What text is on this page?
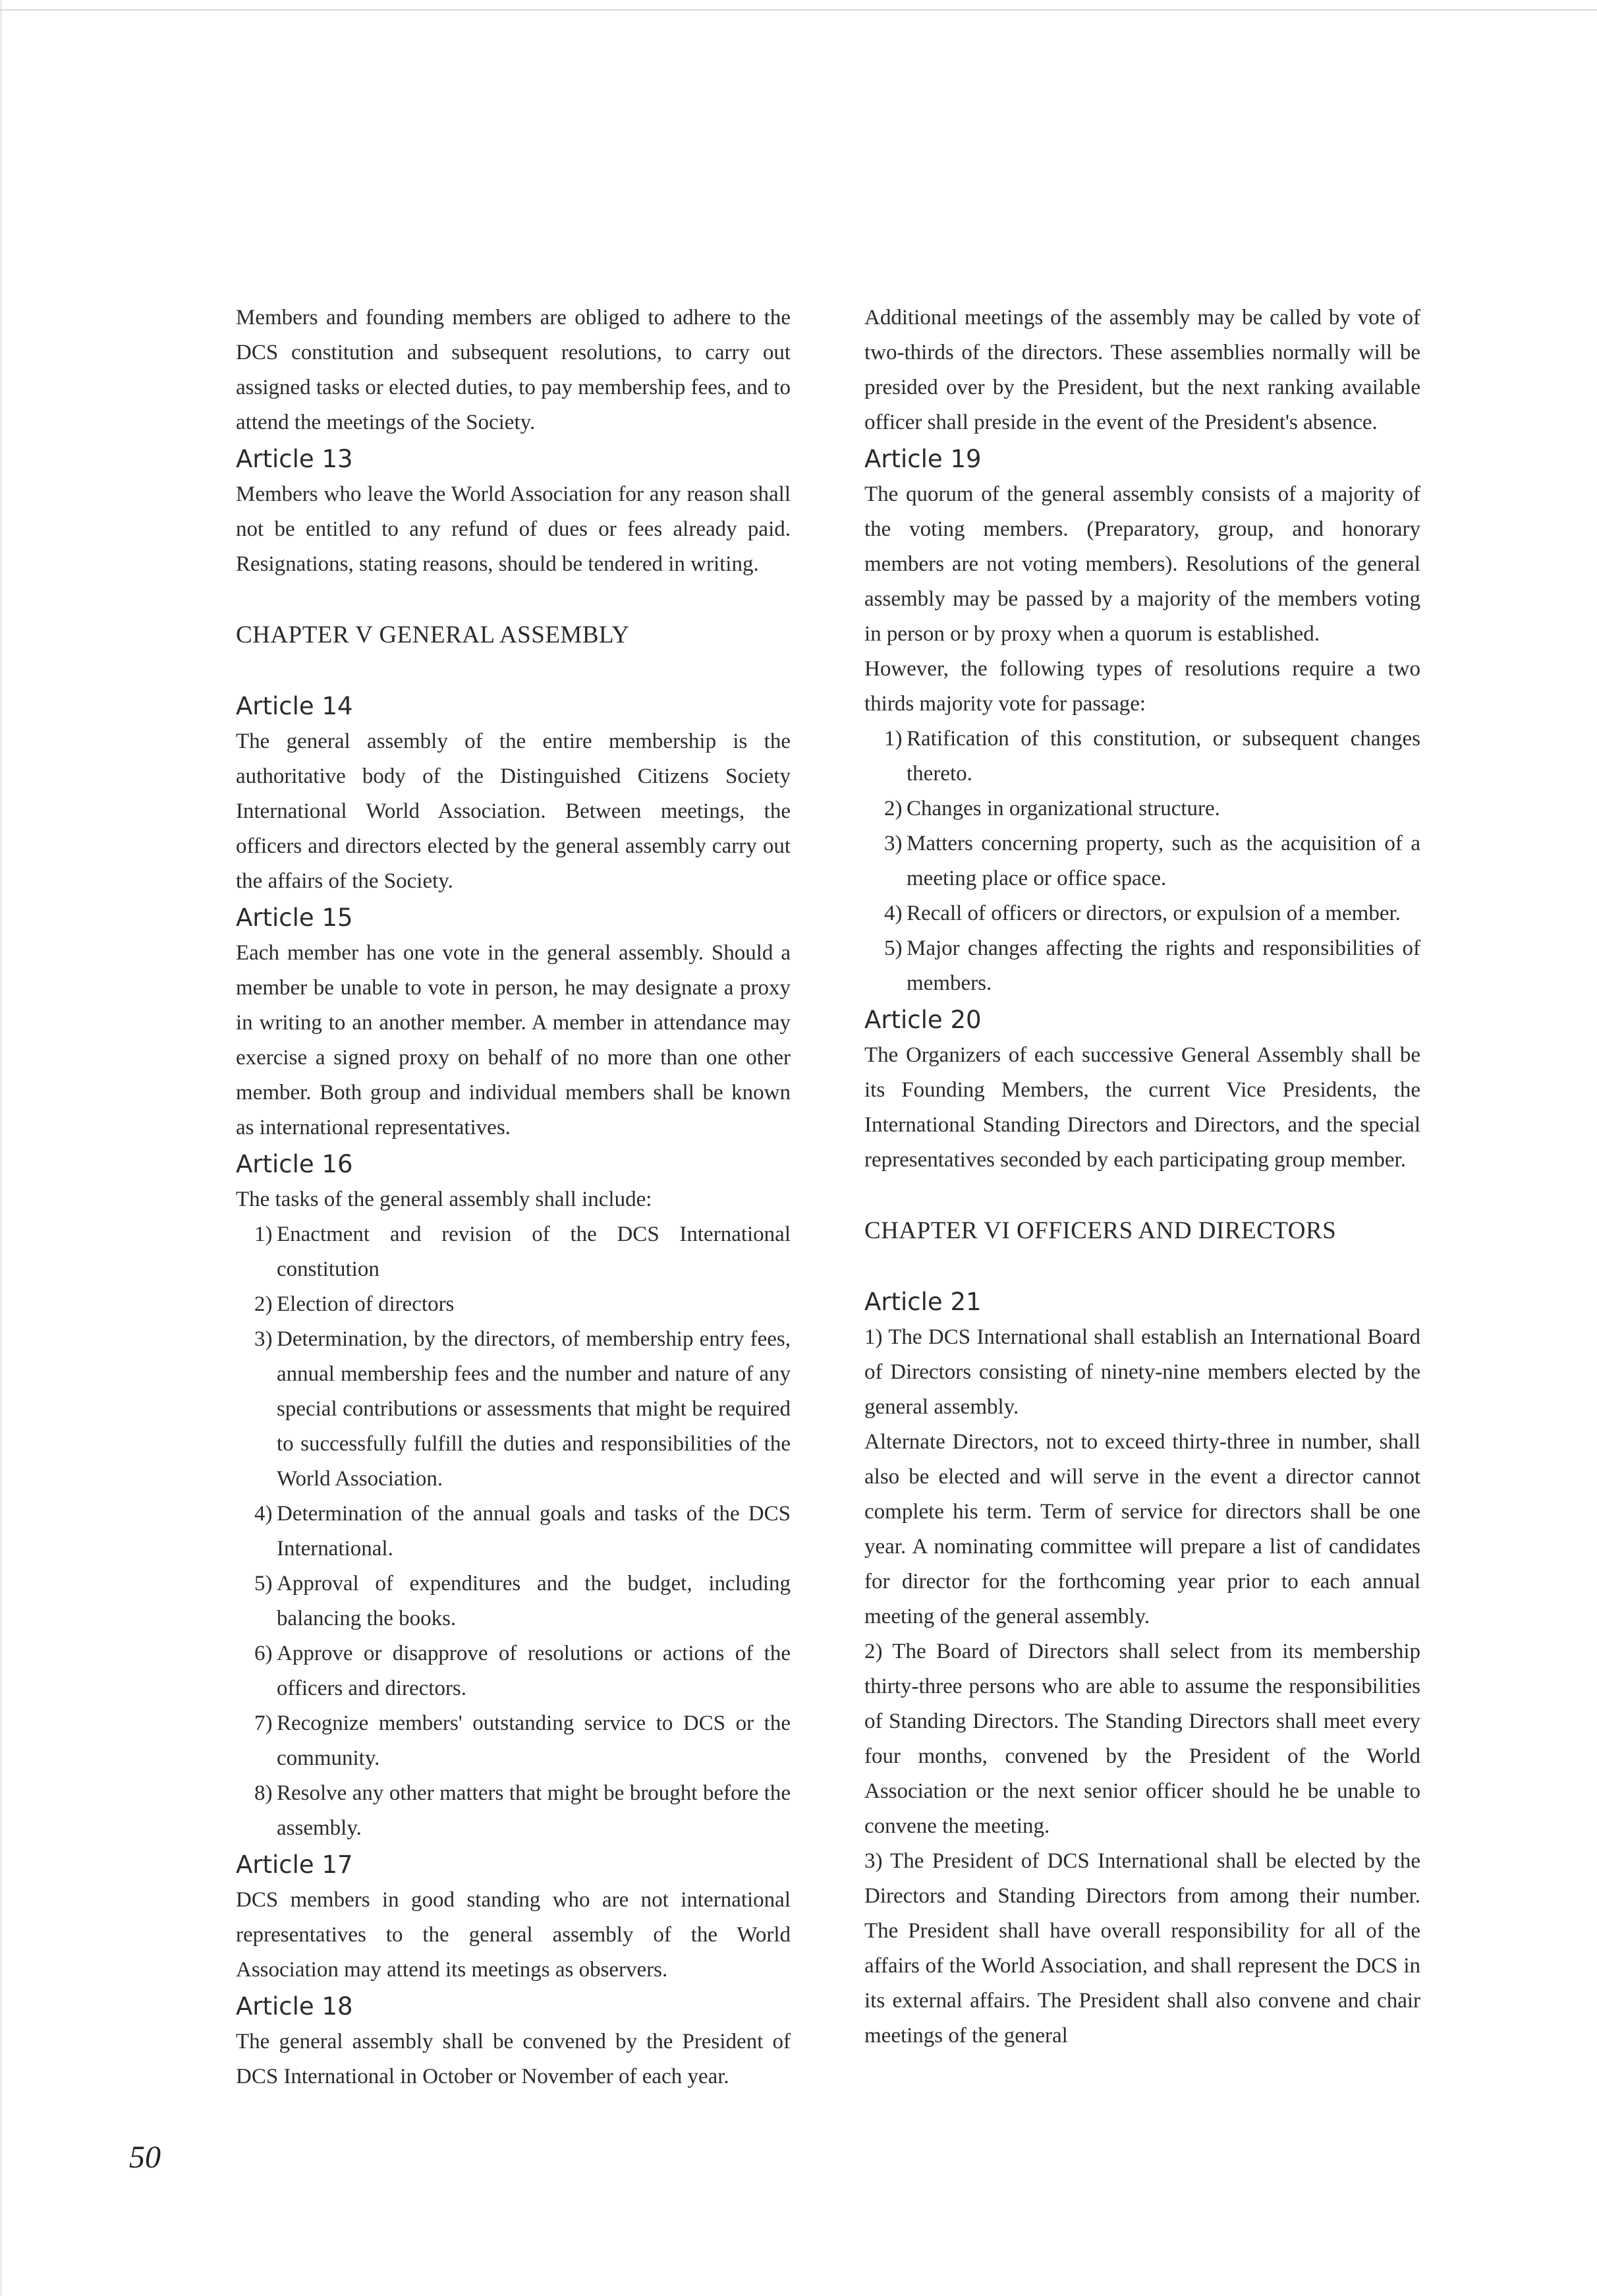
Members and founding members are obliged to adhere to the DCS constitution and subsequent resolutions, to carry out assigned tasks or elected duties, to pay membership fees, and to attend the meetings of the Society.

Article 13

Members who leave the World Association for any reason shall not be entitled to any refund of dues or fees already paid. Resignations, stating reasons, should be tendered in writing.

CHAPTER V GENERAL ASSEMBLY
Article 14

The general assembly of the entire membership is the authoritative body of the Distinguished Citizens Society International World Association. Between meetings, the officers and directors elected by the general assembly carry out the affairs of the Society.

Article 15

Each member has one vote in the general assembly. Should a member be unable to vote in person, he may designate a proxy in writing to an another member. A member in attendance may exercise a signed proxy on behalf of no more than one other member. Both group and individual members shall be known as international representatives.

Article 16

The tasks of the general assembly shall include:

1) Enactment and revision of the DCS International constitution
2) Election of directors
3) Determination, by the directors, of membership entry fees, annual membership fees and the number and nature of any special contributions or assessments that might be required to successfully fulfill the duties and responsibilities of the World Association.
4) Determination of the annual goals and tasks of the DCS International.
5) Approval of expenditures and the budget, including balancing the books.
6) Approve or disapprove of resolutions or actions of the officers and directors.
7) Recognize members' outstanding service to DCS or the community.
8) Resolve any other matters that might be brought before the assembly.
Article 17

DCS members in good standing who are not international representatives to the general assembly of the World Association may attend its meetings as observers.

Article 18

The general assembly shall be convened by the President of DCS International in October or November of each year.

Additional meetings of the assembly may be called by vote of two-thirds of the directors. These assemblies normally will be presided over by the President, but the next ranking available officer shall preside in the event of the President's absence.

Article 19

The quorum of the general assembly consists of a majority of the voting members. (Preparatory, group, and honorary members are not voting members). Resolutions of the general assembly may be passed by a majority of the members voting in person or by proxy when a quorum is established.

However, the following types of resolutions require a two thirds majority vote for passage:

1) Ratification of this constitution, or subsequent changes thereto.
2) Changes in organizational structure.
3) Matters concerning property, such as the acquisition of a meeting place or office space.
4) Recall of officers or directors, or expulsion of a member.
5) Major changes affecting the rights and responsibilities of members.
Article 20

The Organizers of each successive General Assembly shall be its Founding Members, the current Vice Presidents, the International Standing Directors and Directors, and the special representatives seconded by each participating group member.

CHAPTER VI OFFICERS AND DIRECTORS
Article 21

1) The DCS International shall establish an International Board of Directors consisting of ninety-nine members elected by the general assembly.

Alternate Directors, not to exceed thirty-three in number, shall also be elected and will serve in the event a director cannot complete his term. Term of service for directors shall be one year. A nominating committee will prepare a list of candidates for director for the forthcoming year prior to each annual meeting of the general assembly.

2) The Board of Directors shall select from its membership thirty-three persons who are able to assume the responsibilities of Standing Directors. The Standing Directors shall meet every four months, convened by the President of the World Association or the next senior officer should he be unable to convene the meeting.

3) The President of DCS International shall be elected by the Directors and Standing Directors from among their number. The President shall have overall responsibility for all of the affairs of the World Association, and shall represent the DCS in its external affairs. The President shall also convene and chair meetings of the general

50
